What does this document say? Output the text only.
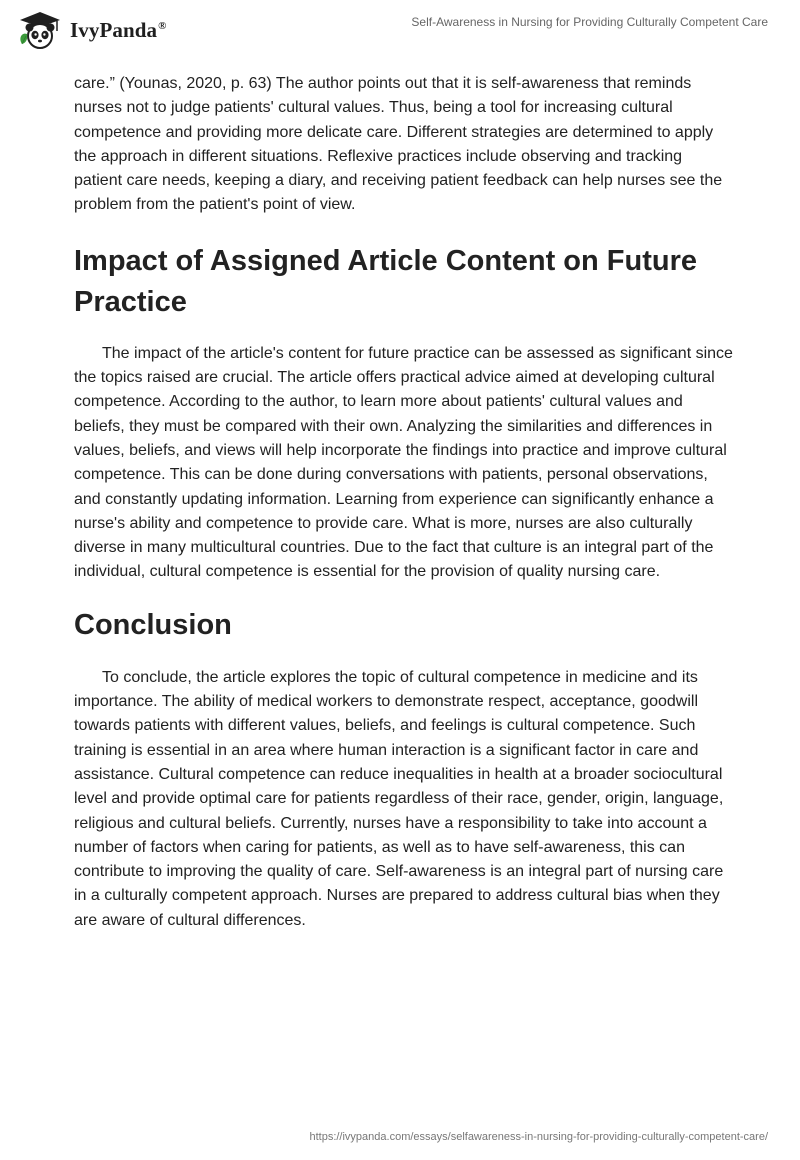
IvyPanda®	Self-Awareness in Nursing for Providing Culturally Competent Care

care.” (Younas, 2020, p. 63) The author points out that it is self-awareness that reminds nurses not to judge patients' cultural values. Thus, being a tool for increasing cultural competence and providing more delicate care. Different strategies are determined to apply the approach in different situations. Reflexive practices include observing and tracking patient care needs, keeping a diary, and receiving patient feedback can help nurses see the problem from the patient's point of view.

Impact of Assigned Article Content on Future Practice

The impact of the article's content for future practice can be assessed as significant since the topics raised are crucial. The article offers practical advice aimed at developing cultural competence. According to the author, to learn more about patients' cultural values and beliefs, they must be compared with their own. Analyzing the similarities and differences in values, beliefs, and views will help incorporate the findings into practice and improve cultural competence. This can be done during conversations with patients, personal observations, and constantly updating information. Learning from experience can significantly enhance a nurse's ability and competence to provide care. What is more, nurses are also culturally diverse in many multicultural countries. Due to the fact that culture is an integral part of the individual, cultural competence is essential for the provision of quality nursing care.

Conclusion

To conclude, the article explores the topic of cultural competence in medicine and its importance. The ability of medical workers to demonstrate respect, acceptance, goodwill towards patients with different values, beliefs, and feelings is cultural competence. Such training is essential in an area where human interaction is a significant factor in care and assistance. Cultural competence can reduce inequalities in health at a broader sociocultural level and provide optimal care for patients regardless of their race, gender, origin, language, religious and cultural beliefs. Currently, nurses have a responsibility to take into account a number of factors when caring for patients, as well as to have self-awareness, this can contribute to improving the quality of care. Self-awareness is an integral part of nursing care in a culturally competent approach. Nurses are prepared to address cultural bias when they are aware of cultural differences.

https://ivypanda.com/essays/selfawareness-in-nursing-for-providing-culturally-competent-care/
